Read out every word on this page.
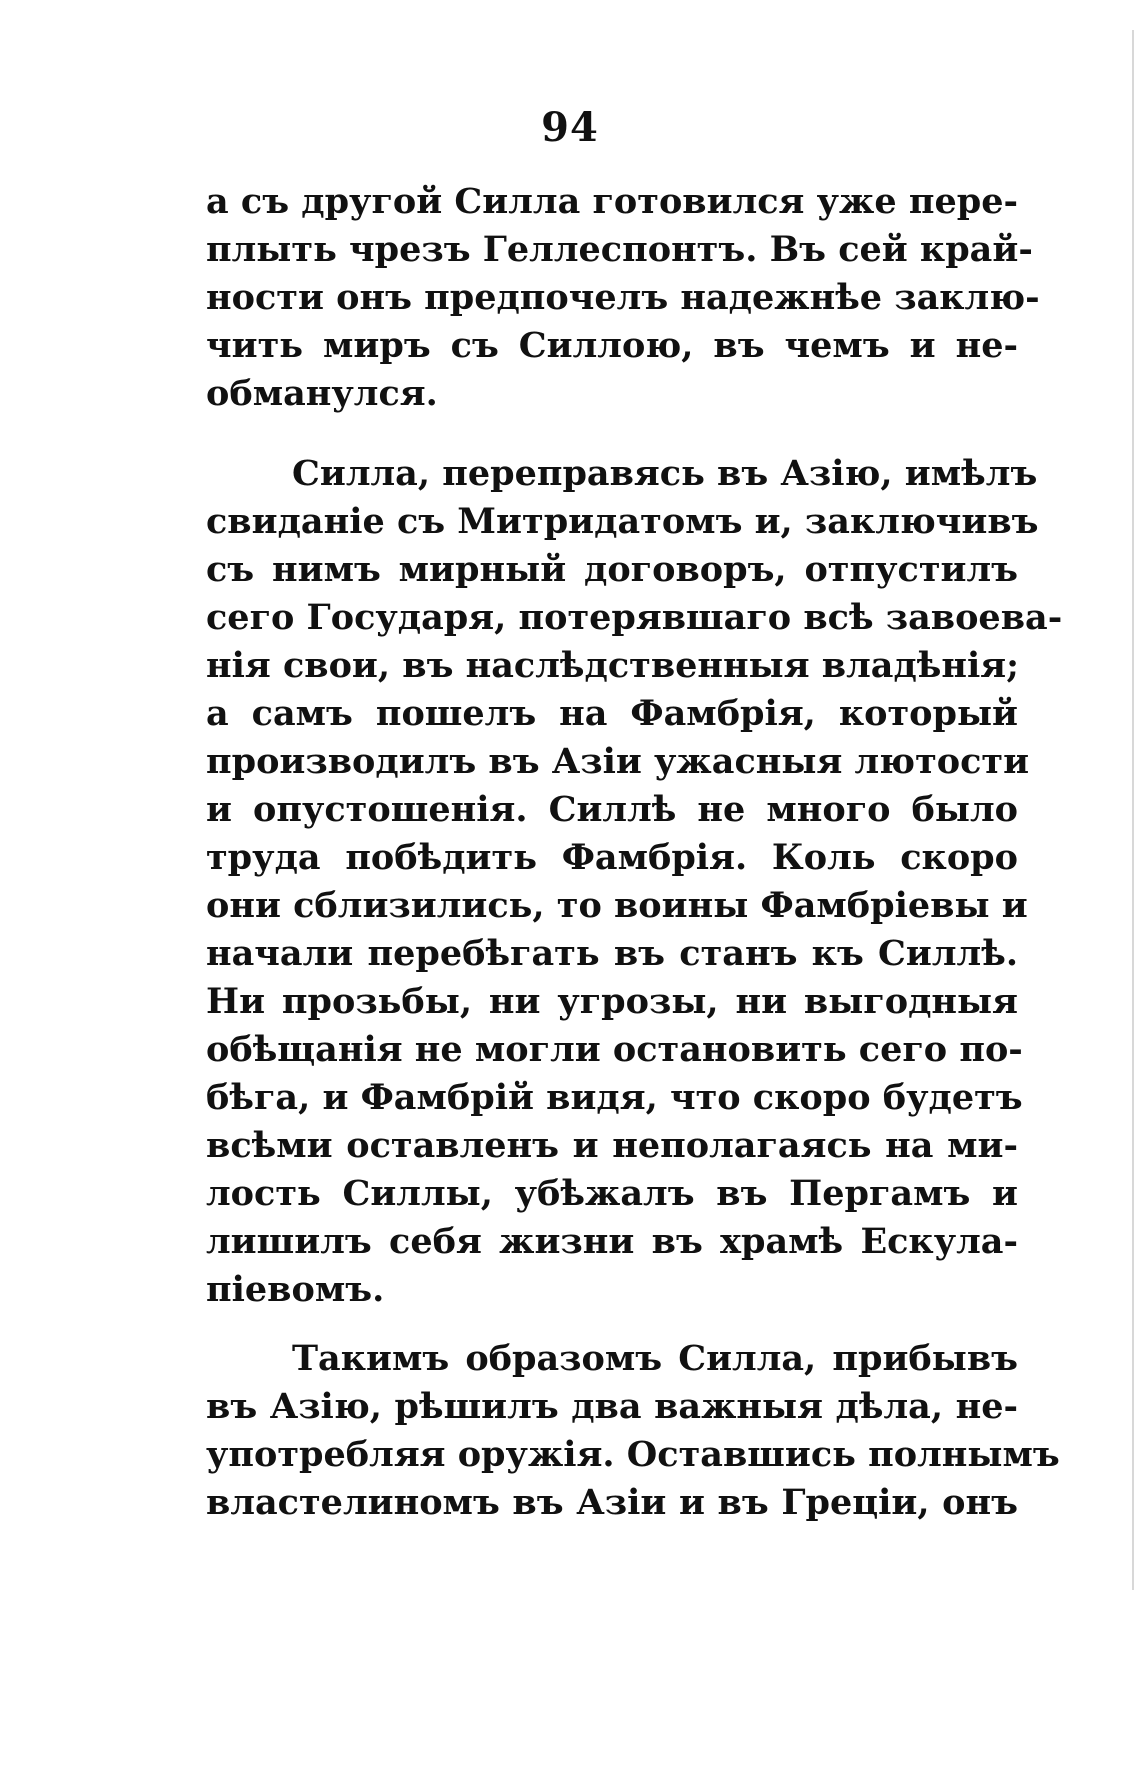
94
а съ другой Силла готовился уже пере-
плыть чрезъ Геллеспонтъ. Въ сей край-
ности онъ предпочелъ надежнѣе заклю-
чить миръ съ Силлою, въ чемъ и не-
обманулся.
Силла, переправясь въ Азію, имѣлъ
свиданіе съ Митридатомъ и, заключивъ
съ нимъ мирный договоръ, отпустилъ
сего Государя, потерявшаго всѣ завоева-
нія свои, въ наслѣдственныя владѣнія;
а самъ пошелъ на Фамбрія, который
производилъ въ Азіи ужасныя лютости
и опустошенія. Силлѣ не много было
труда побѣдить Фамбрія. Коль скоро
они сблизились, то воины Фамбріевы и
начали перебѣгать въ станъ къ Силлѣ.
Ни прозьбы, ни угрозы, ни выгодныя
обѣщанія не могли остановить сего по-
бѣга, и Фамбрій видя, что скоро будетъ
всѣми оставленъ и неполагаясь на ми-
лость Силлы, убѣжалъ въ Пергамъ и
лишилъ себя жизни въ храмѣ Ескула-
піевомъ.
Такимъ образомъ Силла, прибывъ
въ Азію, рѣшилъ два важныя дѣла, не-
употребляя оружія. Оставшись полнымъ
властелиномъ въ Азіи и въ Греціи, онъ
